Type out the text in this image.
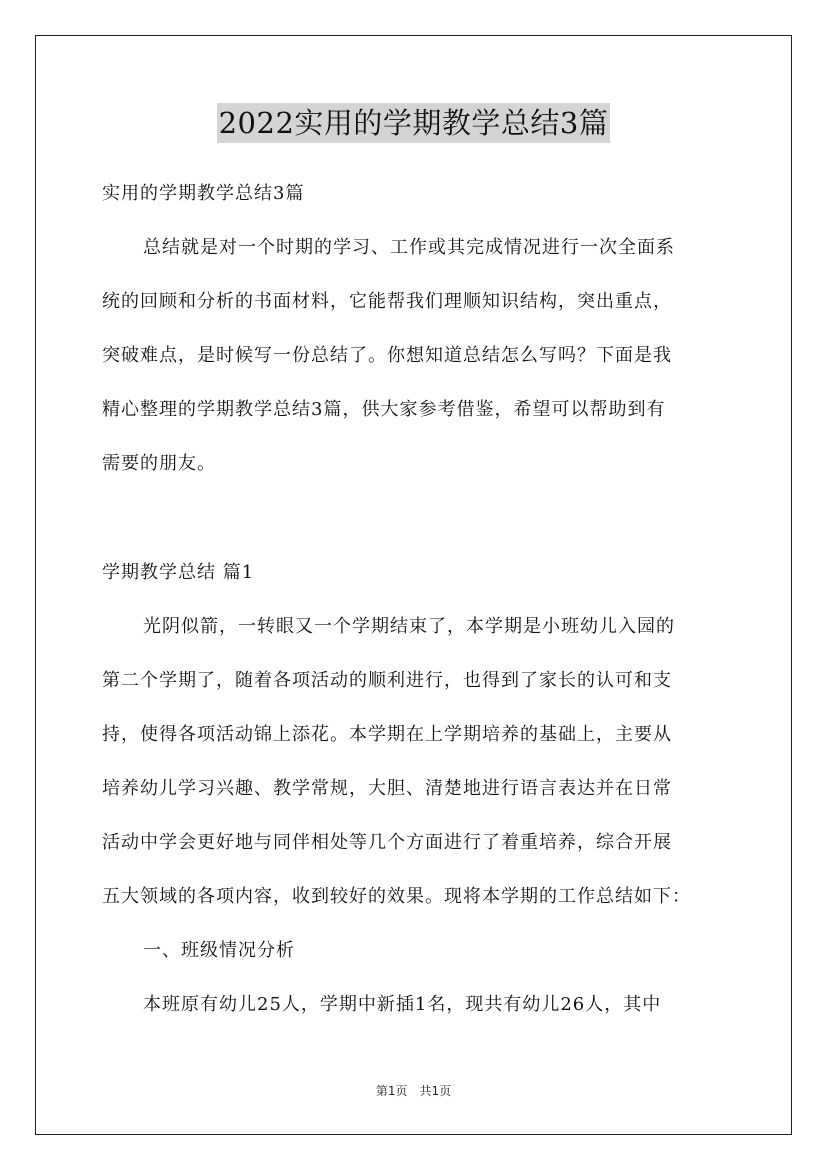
2022实用的学期教学总结3篇
实用的学期教学总结3篇
总结就是对一个时期的学习、工作或其完成情况进行一次全面系
统的回顾和分析的书面材料，它能帮我们理顺知识结构，突出重点，
突破难点，是时候写一份总结了。你想知道总结怎么写吗？下面是我
精心整理的学期教学总结3篇，供大家参考借鉴，希望可以帮助到有
需要的朋友。
学期教学总结 篇1
光阴似箭，一转眼又一个学期结束了，本学期是小班幼儿入园的
第二个学期了，随着各项活动的顺利进行，也得到了家长的认可和支
持，使得各项活动锦上添花。本学期在上学期培养的基础上，主要从
培养幼儿学习兴趣、教学常规，大胆、清楚地进行语言表达并在日常
活动中学会更好地与同伴相处等几个方面进行了着重培养，综合开展
五大领域的各项内容，收到较好的效果。现将本学期的工作总结如下：
一、班级情况分析
本班原有幼儿25人，学期中新插1名，现共有幼儿26人，其中
第1页　共1页
